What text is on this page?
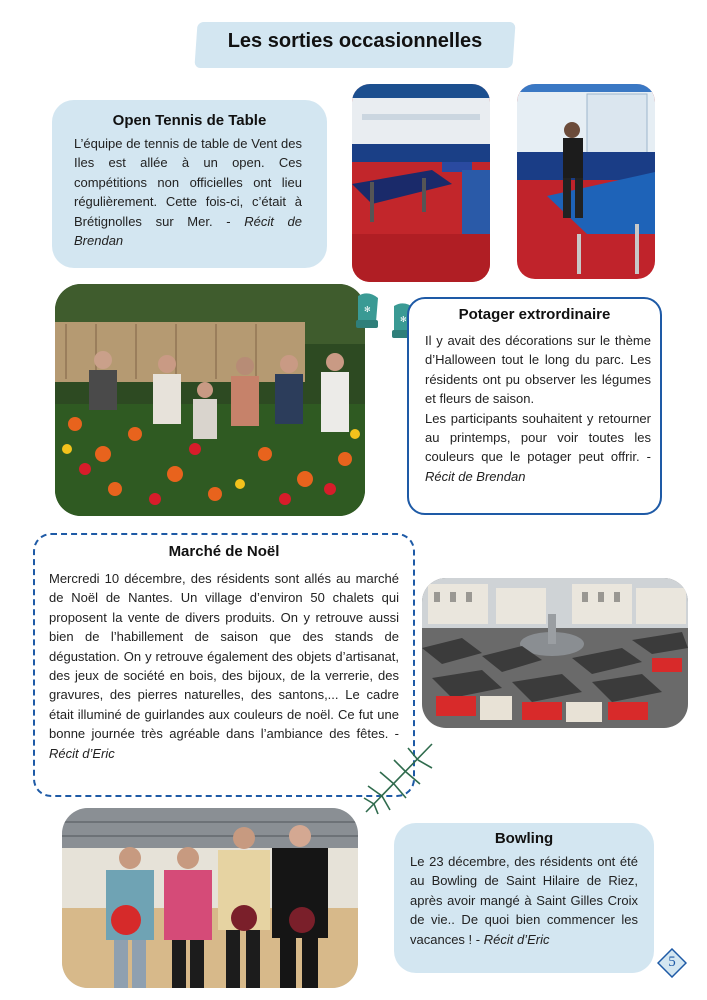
Les sorties occasionnelles
Open Tennis de Table
L’équipe de tennis de table de Vent des Iles est allée à un open. Ces compétitions non officielles ont lieu régulièrement. Cette fois-ci, c’était à Brétignolles sur Mer. - Récit de Brendan
✻
✻	Potager extrordinaire
Il y avait des décorations sur le thème d’Halloween tout le long du parc. Les résidents ont pu observer les légumes et fleurs de saison.
Les participants souhaitent y retourner au printemps, pour voir toutes les couleurs que le potager peut offrir. - Récit de Brendan
Marché de Noël
Mercredi 10 décembre, des résidents sont allés au marché de Noël de Nantes. Un village d’environ 50 chalets qui proposent la vente de divers produits. On y retrouve aussi bien de l’habillement de saison que des stands de dégustation. On y retrouve également des objets d’artisanat, des jeux de société en bois, des bijoux, de la verrerie, des gravures, des pierres naturelles, des santons,... Le cadre était illuminé de guirlandes aux couleurs de noël. Ce fut une bonne journée très agréable dans l’ambiance des fêtes. - Récit d’Eric
Bowling
Le 23 décembre, des résidents ont été au Bowling de Saint Hilaire de Riez, après avoir mangé à Saint Gilles Croix de vie.. De quoi bien commencer les vacances ! - Récit d’Eric
5
